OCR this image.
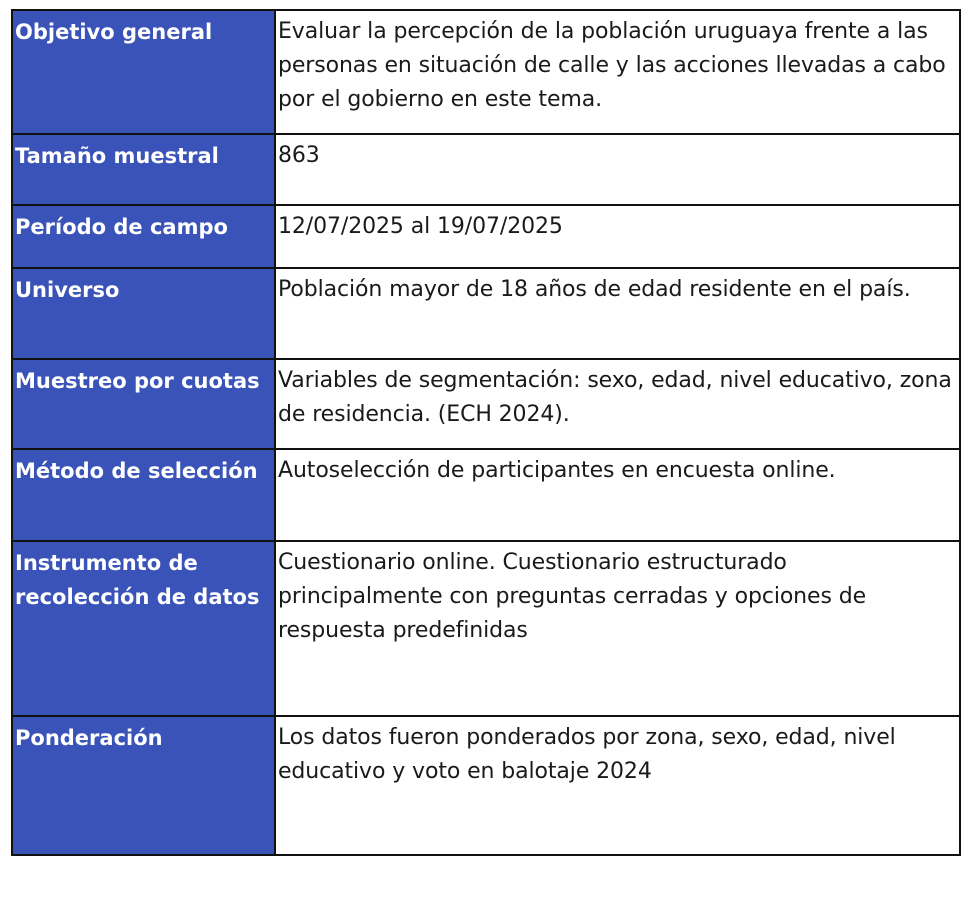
Objetivo general	Evaluar la percepción de la población uruguaya frente a las personas en situación de calle y las acciones llevadas a cabo por el gobierno en este tema.
Tamaño muestral	863
Período de campo	12/07/2025 al 19/07/2025
Universo	Población mayor de 18 años de edad residente en el país.
Muestreo por cuotas	Variables de segmentación: sexo, edad, nivel educativo, zona de residencia. (ECH 2024).
Método de selección	Autoselección de participantes en encuesta online.
Instrumento de recolección de datos	Cuestionario online. Cuestionario estructurado principalmente con preguntas cerradas y opciones de respuesta predefinidas
Ponderación	Los datos fueron ponderados por zona, sexo, edad, nivel educativo y voto en balotaje 2024
